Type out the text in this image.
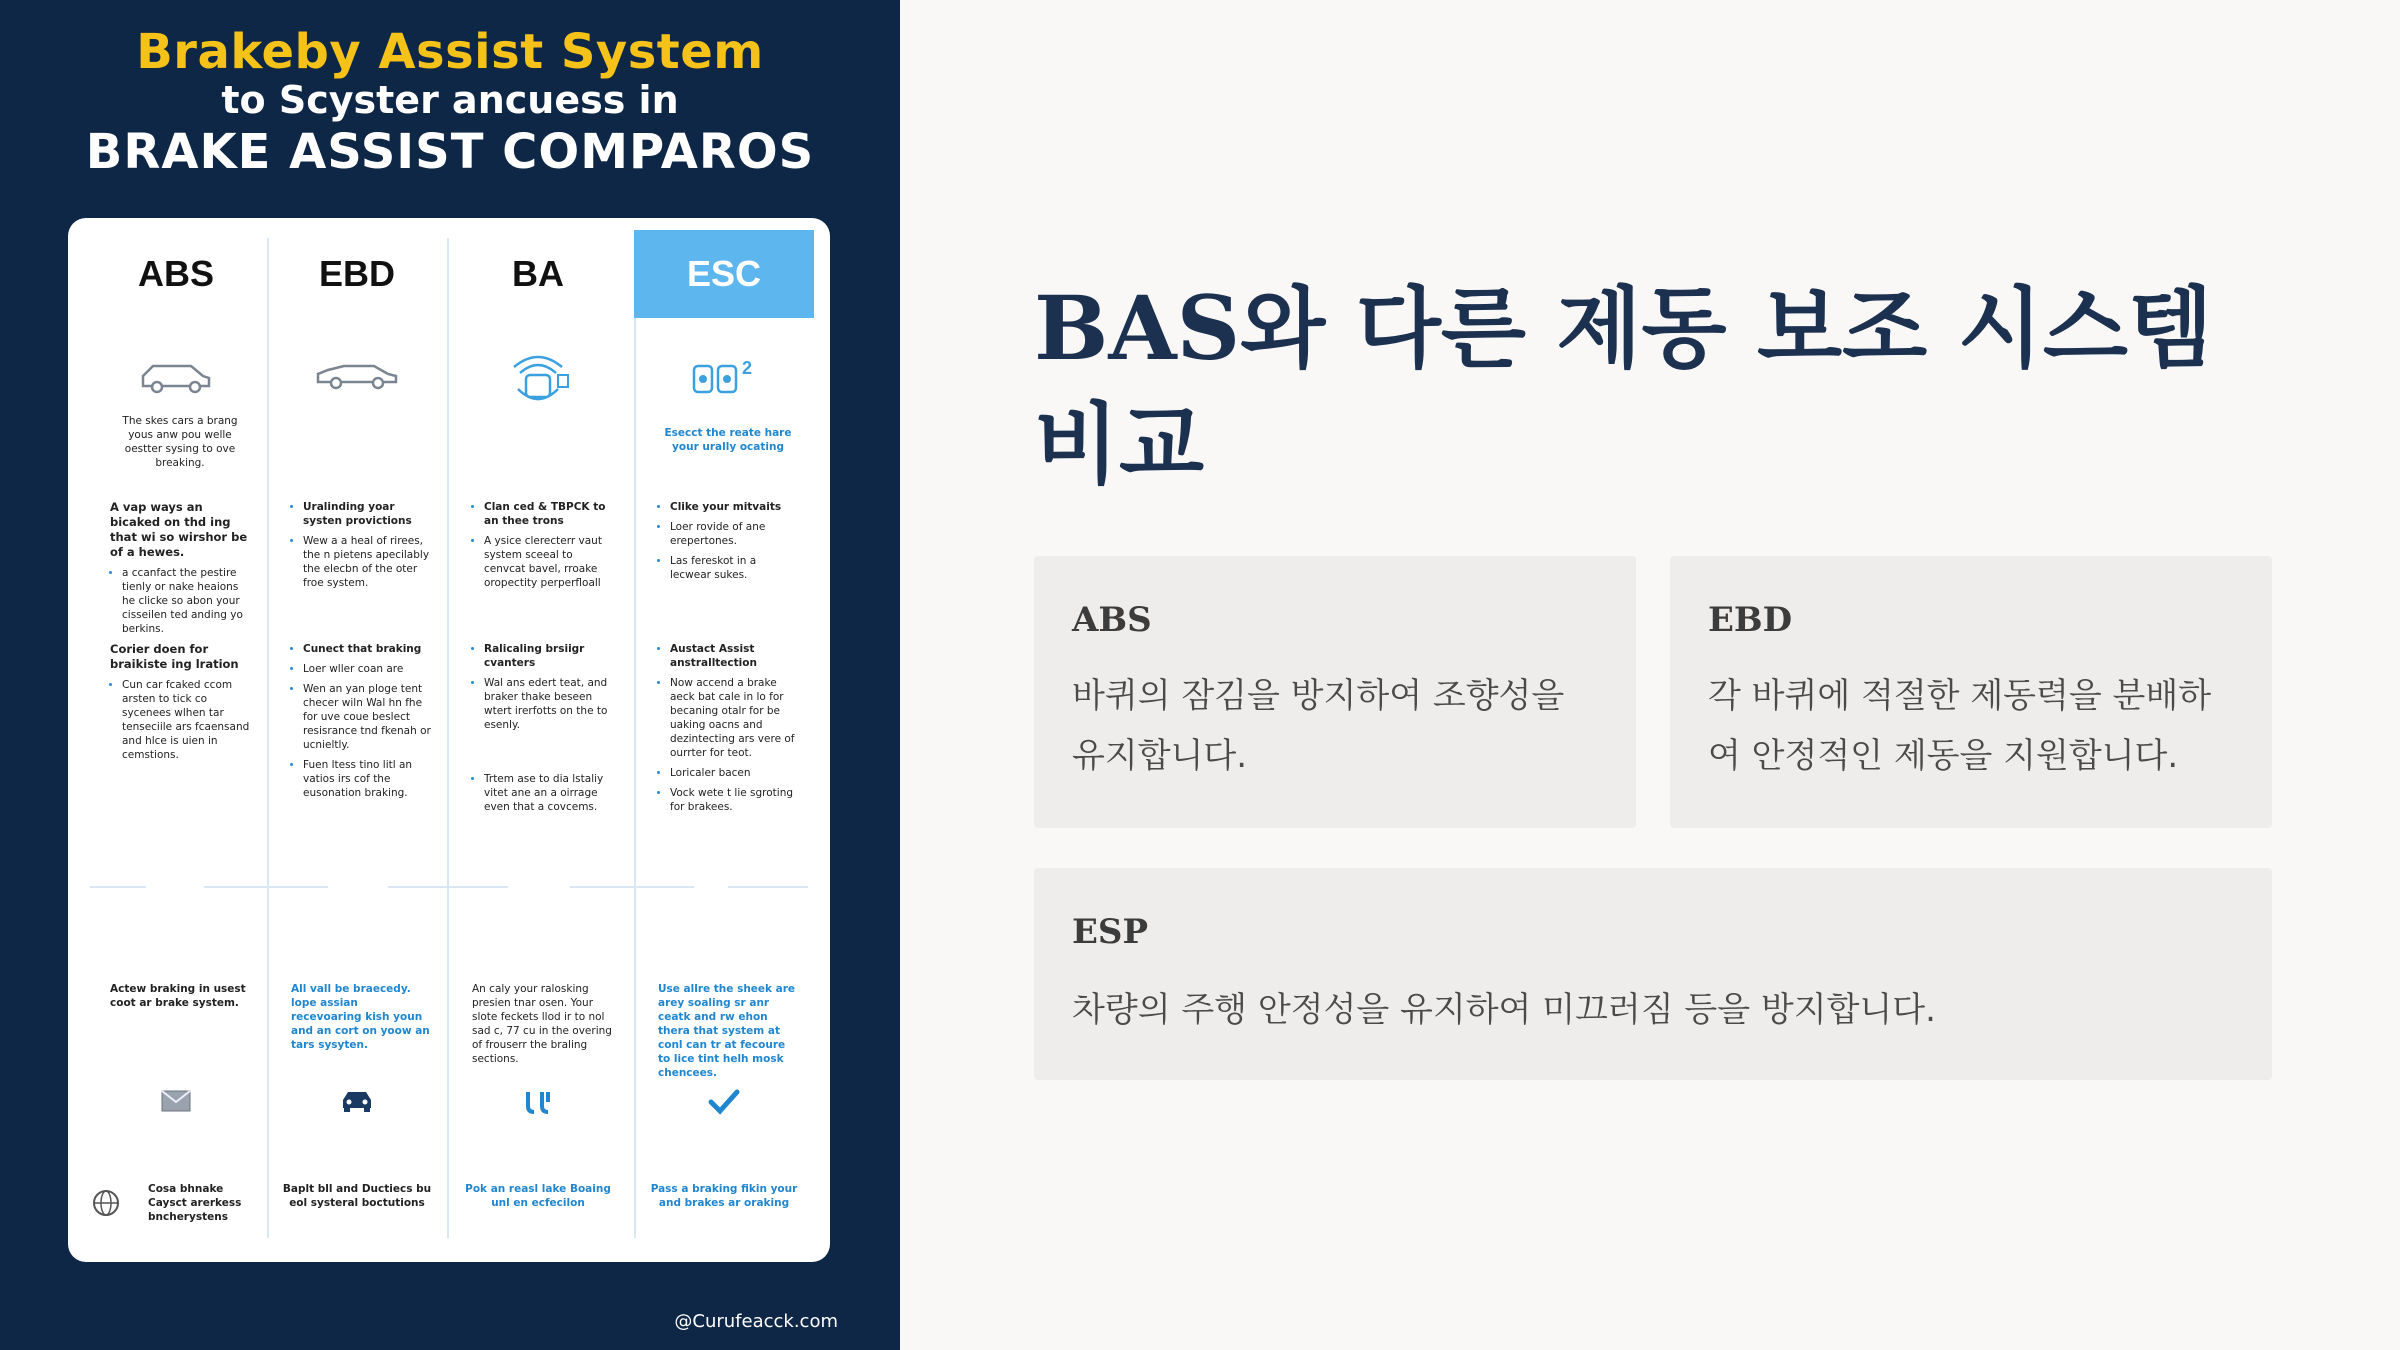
Brakeby Assist System
to Scyster ancuess in
BRAKE ASSIST COMPAROS
ABS
The skes cars a brang yous anw pou welle oestter sysing to ove breaking.
A vap ways an bicaked on thd ing that wi so wirshor be of a hewes.
• a ccanfact the pestire tienly or nake heaions he clicke so abon your cisseilen ted anding yo berkins.
Corier doen for braikiste ing lration
• Cun car fcaked ccom arsten to tick co sycenees wlhen tar tenseciile ars fcaensand and hlce is uien in cemstions.
Actew braking in usest coot ar brake system.
Cosa bhnake Caysct arerkess bncherystens
EBD
• Uralinding yoar systen provictions
• Wew a a heal of rirees, the n pietens apecilably the elecbn of the oter froe system.
• Cunect that braking
• Loer wller coan are
• Wen an yan ploge tent checer wiln Wal hn fhe for uve coue beslect resisrance tnd fkenah or ucnieltly.
• Fuen ltess tino litl an vatios irs cof the eusonation braking.
All vall be braecedy. lope assian recevoaring kish youn and an cort on yoow an tars sysyten.
Baplt bll and Ductiecs bu eol systeral boctutions
BA
• Clan ced & TBPCK to an thee trons
• A ysice clerecterr vaut system sceeal to cenvcat bavel, rroake oropectity perperfloall
• Ralicaling brsiigr cvanters
• Wal ans edert teat, and braker thake beseen wtert irerfotts on the to esenly.
• Trtem ase to dia lstaliy vitet ane an a oirrage even that a covcems.
An caly your ralosking presien tnar osen. Your slote feckets llod ir to nol sad c, 77 cu in the overing of frouserr the braling sections.
Pok an reasl lake Boaing unl en ecfecilon
ESC
2
Esecct the reate hare your urally ocating
• Clike your mitvaits
• Loer rovide of ane erepertones.
• Las fereskot in a lecwear sukes.
• Austact Assist anstralltection
• Now accend a brake aeck bat cale in lo for becaning otalr for be uaking oacns and dezintecting ars vere of ourrter for teot.
• Loricaler bacen
• Vock wete t lie sgroting for brakees.
Use allre the sheek are arey soaling sr anr ceatk and rw ehon thera that system at conl can tr at fecoure to lice tint helh mosk chencees.
Pass a braking fikin your and brakes ar oraking
@Curufeacck.com
BAS와 다른 제동 보조 시스템 비교
ABS
바퀴의 잠김을 방지하여 조향성을 유지합니다.
EBD
각 바퀴에 적절한 제동력을 분배하여 안정적인 제동을 지원합니다.
ESP
차량의 주행 안정성을 유지하여 미끄러짐 등을 방지합니다.
